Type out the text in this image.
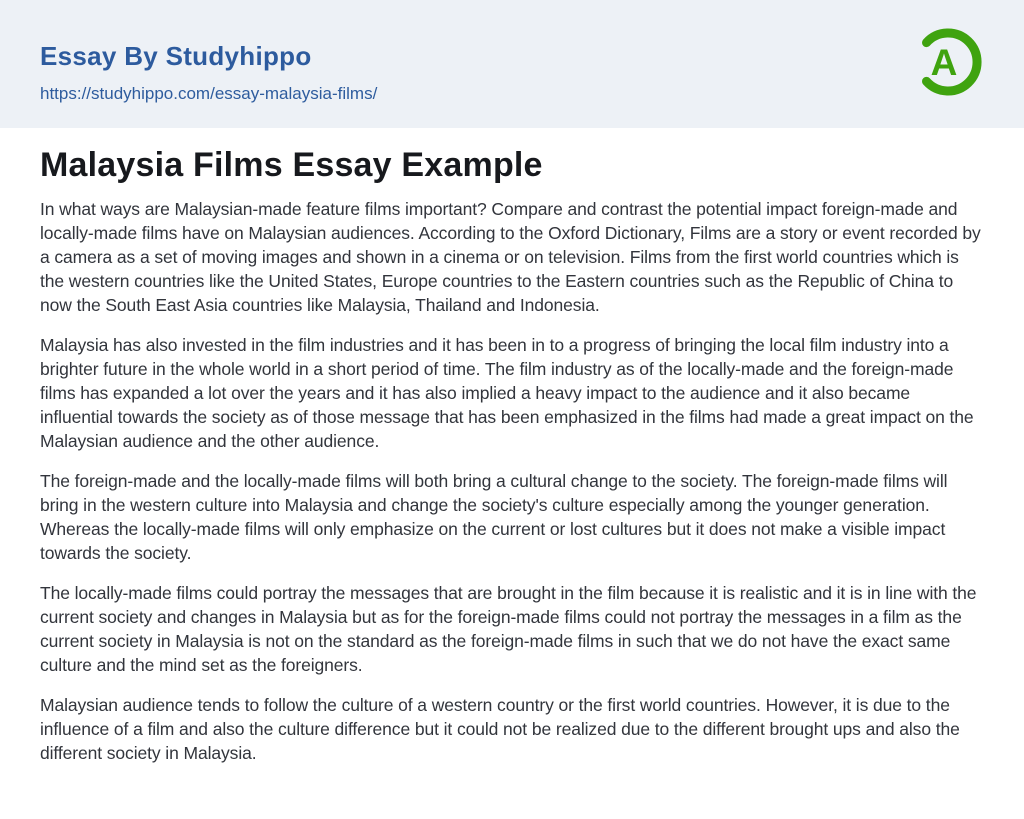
Essay By Studyhippo
https://studyhippo.com/essay-malaysia-films/
A
Malaysia Films Essay Example

In what ways are Malaysian-made feature films important? Compare and contrast the potential impact foreign-made and locally-made films have on Malaysian audiences. According to the Oxford Dictionary, Films are a story or event recorded by a camera as a set of moving images and shown in a cinema or on television. Films from the first world countries which is the western countries like the United States, Europe countries to the Eastern countries such as the Republic of China to now the South East Asia countries like Malaysia, Thailand and Indonesia.

Malaysia has also invested in the film industries and it has been in to a progress of bringing the local film industry into a brighter future in the whole world in a short period of time. The film industry as of the locally-made and the foreign-made films has expanded a lot over the years and it has also implied a heavy impact to the audience and it also became influential towards the society as of those message that has been emphasized in the films had made a great impact on the Malaysian audience and the other audience.

The foreign-made and the locally-made films will both bring a cultural change to the society. The foreign-made films will bring in the western culture into Malaysia and change the society's culture especially among the younger generation. Whereas the locally-made films will only emphasize on the current or lost cultures but it does not make a visible impact towards the society.

The locally-made films could portray the messages that are brought in the film because it is realistic and it is in line with the current society and changes in Malaysia but as for the foreign-made films could not portray the messages in a film as the current society in Malaysia is not on the standard as the foreign-made films in such that we do not have the exact same culture and the mind set as the foreigners.

Malaysian audience tends to follow the culture of a western country or the first world countries. However, it is due to the influence of a film and also the culture difference but it could not be realized due to the different brought ups and also the different society in Malaysia.
